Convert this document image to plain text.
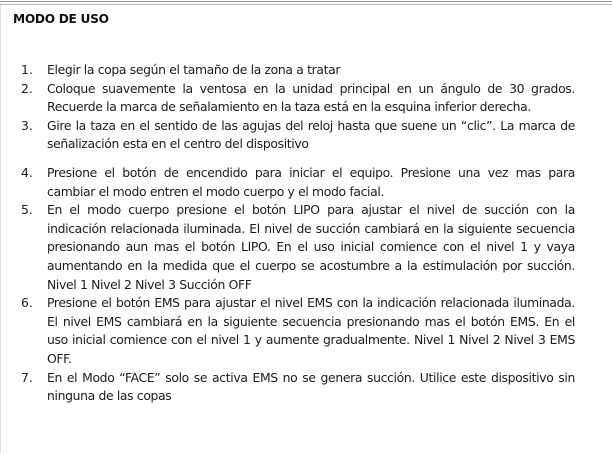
MODO DE USO
1. Elegir la copa según el tamaño de la zona a tratar
2. Coloque suavemente la ventosa en la unidad principal en un ángulo de 30 grados. Recuerde la marca de señalamiento en la taza está en la esquina inferior derecha.
3. Gire la taza en el sentido de las agujas del reloj hasta que suene un “clic”. La marca de señalización esta en el centro del dispositivo
4. Presione el botón de encendido para iniciar el equipo. Presione una vez mas para cambiar el modo entren el modo cuerpo y el modo facial.
5. En el modo cuerpo presione el botón LIPO para ajustar el nivel de succión con la indicación relacionada iluminada. El nivel de succión cambiará en la siguiente secuencia presionando aun mas el botón LIPO. En el uso inicial comience con el nivel 1 y vaya aumentando en la medida que el cuerpo se acostumbre a la estimulación por succión. Nivel 1 Nivel 2 Nivel 3 Succión OFF
6. Presione el botón EMS para ajustar el nivel EMS con la indicación relacionada iluminada. El nivel EMS cambiará en la siguiente secuencia presionando mas el botón EMS. En el uso inicial comience con el nivel 1 y aumente gradualmente. Nivel 1 Nivel 2 Nivel 3 EMS OFF.
7. En el Modo “FACE” solo se activa EMS no se genera succión. Utilice este dispositivo sin ninguna de las copas
